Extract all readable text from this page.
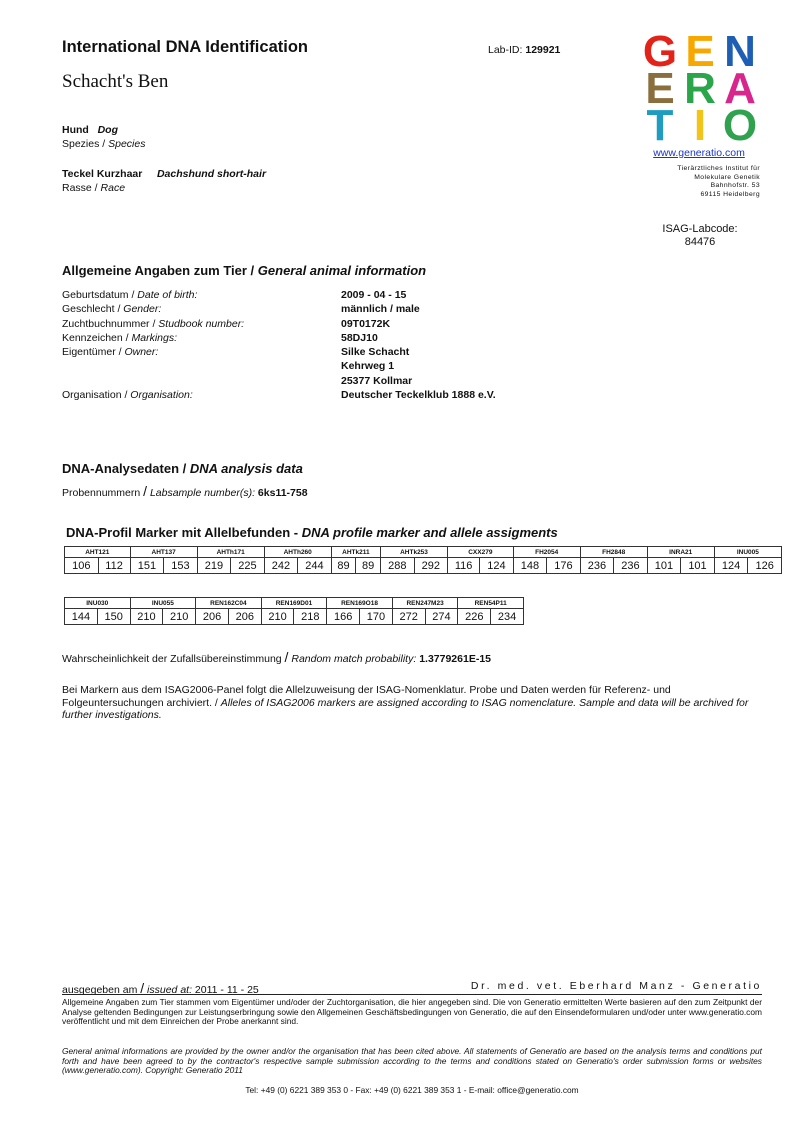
International DNA Identification
Schacht's Ben
Lab-ID: 129921
Hund Dog
Spezies / Species
Teckel Kurzhaar Dachshund short-hair
Rasse / Race
G E N
E R A
T I O
www.generatio.com
Tierärztliches Institut für
Molekulare Genetik
Bahnhofstr. 53
69115 Heidelberg
ISAG-Labcode:
84476
Allgemeine Angaben zum Tier / General animal information
Geburtsdatum / Date of birth:	2009 - 04 - 15
Geschlecht / Gender:	männlich / male
Zuchtbuchnummer / Studbook number:	09T0172K
Kennzeichen / Markings:	58DJ10
Eigentümer / Owner:	Silke Schacht
Kehrweg 1
25377 Kollmar
Organisation / Organisation:	Deutscher Teckelklub 1888 e.V.
DNA-Analysedaten / DNA analysis data
Probennummern / Labsample number(s): 6ks11-758
DNA-Profil Marker mit Allelbefunden - DNA profile marker and allele assigments
AHT121		AHT137		AHTh171		AHTh260		AHTk211		AHTk253		CXX279		FH2054		FH2848		INRA21		INU005	
106	112	151	153	219	225	242	244	89	89	288	292	116	124	148	176	236	236	101	101	124	126
INU030		INU055		REN162C04		REN169D01		REN169O18		REN247M23		REN54P11	
144	150	210	210	206	206	210	218	166	170	272	274	226	234
Wahrscheinlichkeit der Zufallsübereinstimmung / Random match probability: 1.3779261E-15
Bei Markern aus dem ISAG2006-Panel folgt die Allelzuweisung der ISAG-Nomenklatur. Probe und Daten werden für Referenz- und Folgeuntersuchungen archiviert. / Alleles of ISAG2006 markers are assigned according to ISAG nomenclature. Sample and data will be archived for further investigations.
ausgegeben am / issued at: 2011 - 11 - 25	Dr. med. vet. Eberhard Manz - Generatio
Allgemeine Angaben zum Tier stammen vom Eigentümer und/oder der Zuchtorganisation, die hier angegeben sind. Die von Generatio ermittelten Werte basieren auf den zum Zeitpunkt der Analyse geltenden Bedingungen zur Leistungserbringung sowie den Allgemeinen Geschäftsbedingungen von Generatio, die auf den Einsendeformularen und/oder unter www.generatio.com veröffentlicht und mit dem Einreichen der Probe anerkannt sind.
General animal informations are provided by the owner and/or the organisation that has been cited above. All statements of Generatio are based on the analysis terms and conditions put forth and have been agreed to by the contractor's respective sample submission according to the terms and conditions stated on Generatio's order submission forms or websites (www.generatio.com). Copyright: Generatio 2011
Tel: +49 (0) 6221 389 353 0 - Fax: +49 (0) 6221 389 353 1 - E-mail: office@generatio.com
